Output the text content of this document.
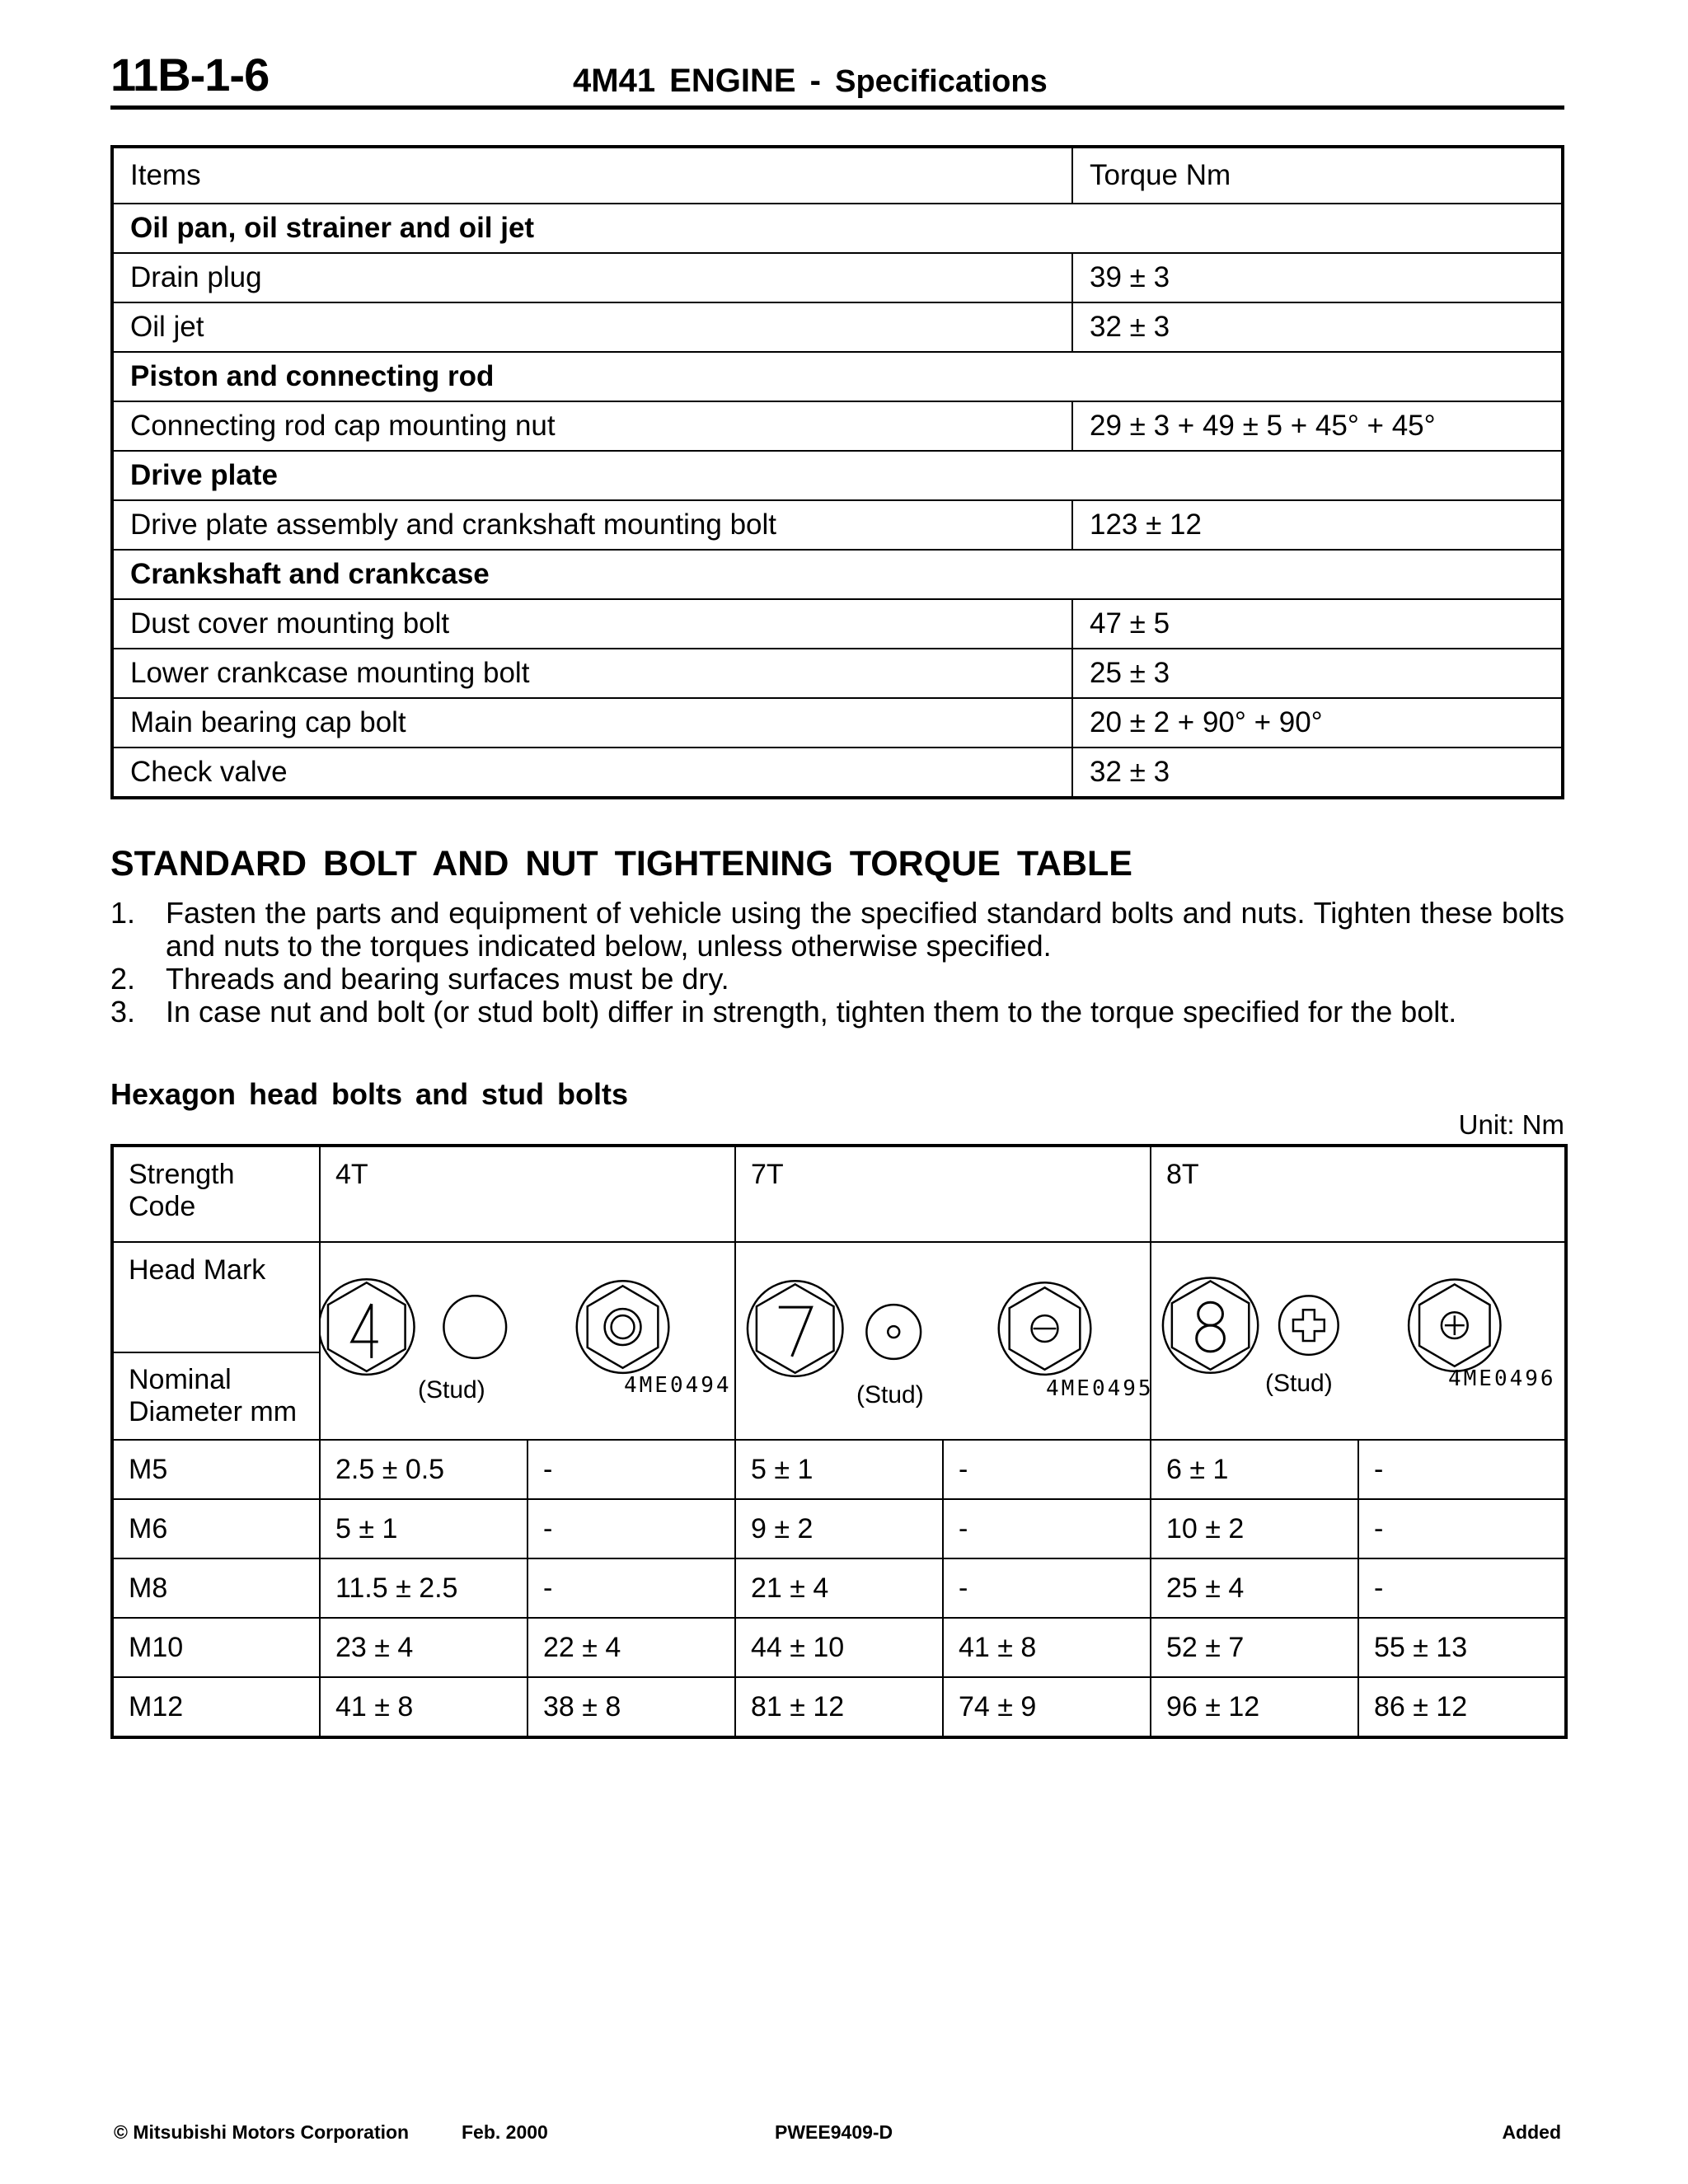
11B-1-6	4M41 ENGINE - Specifications
Items	Torque Nm
Oil pan, oil strainer and oil jet	
Drain plug	39 ± 3
Oil jet	32 ± 3
Piston and connecting rod	
Connecting rod cap mounting nut	29 ± 3 + 49 ± 5 + 45° + 45°
Drive plate	
Drive plate assembly and crankshaft mounting bolt	123 ± 12
Crankshaft and crankcase	
Dust cover mounting bolt	47 ± 5
Lower crankcase mounting bolt	25 ± 3
Main bearing cap bolt	20 ± 2 + 90° + 90°
Check valve	32 ± 3
STANDARD BOLT AND NUT TIGHTENING TORQUE TABLE
1.	Fasten the parts and equipment of vehicle using the specified standard bolts and nuts. Tighten these bolts and nuts to the torques indicated below, unless otherwise specified.
2.	Threads and bearing surfaces must be dry.
3.	In case nut and bolt (or stud bolt) differ in strength, tighten them to the torque specified for the bolt.
Hexagon head bolts and stud bolts
Unit: Nm
Strength Code	4T		7T		8T	
Head Mark	(Stud) 4ME0494		(Stud) 4ME0495		(Stud) 4ME0496	

Nominal Diameter mm						
M5	2.5 ± 0.5	-	5 ± 1	-	6 ± 1	-
M6	5 ± 1	-	9 ± 2	-	10 ± 2	-
M8	11.5 ± 2.5	-	21 ± 4	-	25 ± 4	-
M10	23 ± 4	22 ± 4	44 ± 10	41 ± 8	52 ± 7	55 ± 13
M12	41 ± 8	38 ± 8	81 ± 12	74 ± 9	96 ± 12	86 ± 12
© Mitsubishi Motors Corporation	Feb. 2000	PWEE9409-D	Added
